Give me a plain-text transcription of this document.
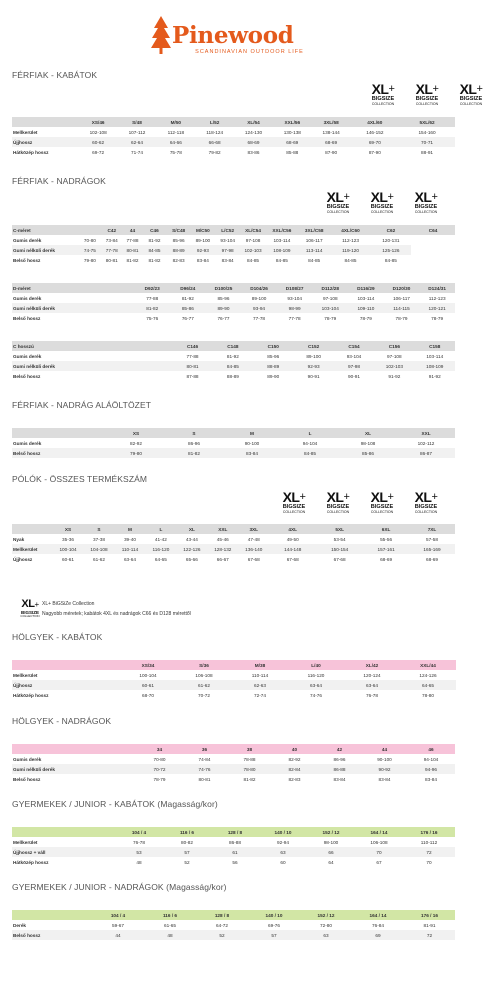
Pinewood
SCANDINAVIAN OUTDOOR LIFE
FÉRFIAK - KABÁTOK
XL+
BIGSIZE
COLLECTION
XL+
BIGSIZE
COLLECTION
XL+
BIGSIZE
COLLECTION
	XS/46	S/48	M/50	L/52	XL/54	XXL/56	3XL/58	4XL/60	5XL/62
Mellkerület	102-108	107-112	112-118	118-124	124-130	130-138	138-144	146-152	154-160
Újjhossz	60-62	62-64	64-66	66-68	68-69	68-69	68-69	69-70	70-71
Hátközép hossz	69-72	71-74	75-78	79-82	83-86	85-88	87-90	87-90	88-91
FÉRFIAK - NADRÁGOK
XL+
BIGSIZE
COLLECTION
XL+
BIGSIZE
COLLECTION
XL+
BIGSIZE
COLLECTION
C-méret		C42	44	C46	S/C48	M/C50	L/C52	XL/C54	XXL/C56	3XL/C58	4XL/C60	C62	C64
Gumis derék	70-80	73-84	77-88	81-92	85-96	89-100	93-104	97-108	103-114	106-117	112-123	120-131	
Gumi nélküli derék	74-75	77-78	80-81	84-85	88-89	92-93	97-98	102-103	108-109	113-114	119-120	125-126	
Belső hossz	79-80	80-81	81-82	81-82	82-83	83-84	83-84	84-85	84-85	84-85	84-85	84-85	
D-méret		D92/23	D96/24	D100/25	D104/26	D108/27	D112/28	D116/29	D120/30	D124/31
Gumis derék		77-88	81-92	85-96	89-100	93-104	97-108	103-114	106-117	112-123
Gumi nélküli derék		81-82	85-86	89-90	93-94	98-99	103-104	109-110	114-115	120-121
Belső hossz		75-76	76-77	76-77	77-78	77-78	78-79	78-79	78-79	78-79
C hosszú		C146	C148	C150	C152	C154	C156	C158
Gumis derék		77-88	81-92	85-96	89-100	93-104	97-108	103-114
Gumi nélküli derék		80-81	84-85	88-89	92-93	97-98	102-103	108-109
Belső hossz		87-88	88-89	89-90	90-91	90-91	91-92	91-92
FÉRFIAK - NADRÁG ALÁÖLTÖZET
	XS	S	M	L	XL	XXL
Gumis derék	82-92	86-96	90-100	94-104	98-108	102-112
Belső hossz	79-80	81-82	83-84	84-85	85-86	86-87
PÓLÓK - ÖSSZES TERMÉKSZÁM
XL+
BIGSIZE
COLLECTION
XL+
BIGSIZE
COLLECTION
XL+
BIGSIZE
COLLECTION
XL+
BIGSIZE
COLLECTION
	XS	S	M	L	XL	XXL	3XL	4XL	5XL	6XL	7XL
Nyak	35-36	37-38	39-40	41-42	43-44	45-46	47-48	49-50	53-54	55-56	57-58
Mellkerület	100-104	104-108	110-114	116-120	122-126	128-132	136-140	144-148	150-154	157-161	165-169
Újjhossz	60-61	61-62	63-64	64-65	65-66	66-67	67-68	67-68	67-68	68-69	68-69
HÖLGYEK - KABÁTOK
	XS/34	S/36	M/38	L/40	XL/42	XXL/44
Mellkerület	100-104	106-108	110-114	116-120	120-124	124-126
Újjhossz	60-61	61-62	62-63	63-64	63-64	64-65
Hátközép hossz	68-70	70-72	72-74	74-76	76-78	78-80
HÖLGYEK - NADRÁGOK
	34	36	38	40	42	44	46
Gumis derék	70-80	74-84	78-88	82-92	86-96	90-100	94-104
Gumi nélküli derék	70-72	74-76	78-80	82-84	86-88	90-92	94-96
Belső hossz	78-79	80-81	81-82	82-83	83-84	83-84	83-84
GYERMEKEK / JUNIOR - KABÁTOK (Magasság/kor)
	104 / 4	116 / 6	128 / 8	140 / 10	152 / 12	164 / 14	176 / 16
Mellkerület	76-78	80-82	86-88	92-94	98-100	106-108	110-112
Újjhossz + váll	53	57	61	63	66	70	72
Hátközép hossz	48	52	56	60	64	67	70
GYERMEKEK / JUNIOR - NADRÁGOK (Magasság/kor)
	104 / 4	116 / 6	128 / 8	140 / 10	152 / 12	164 / 14	176 / 16
Derék	59-67	61-65	64-72	69-76	72-80	76-84	81-91
Belső hossz	44	48	52	57	63	69	72
XL+
BIGSIZE
COLLECTION
XL+ BiGSiZe Collection
Nagyobb méretek; kabátok 4XL és nadrágok C66 és D128 mérettől
